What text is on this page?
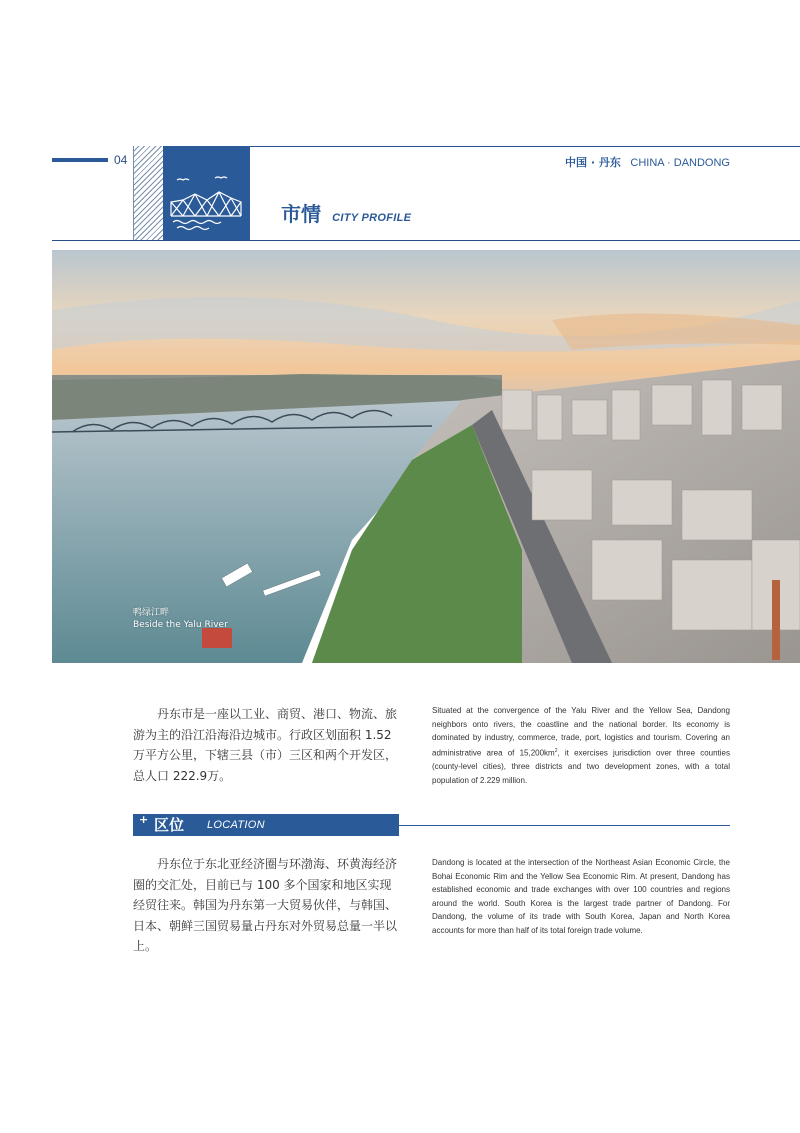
04	中国 · 丹东 CHINA · DANDONG
市情 CITY PROFILE
鸭绿江畔
Beside the Yalu River
丹东市是一座以工业、商贸、港口、物流、旅游为主的沿江沿海沿边城市。行政区划面积 1.52 万平方公里，下辖三县（市）三区和两个开发区，总人口 222.9万。
Situated at the convergence of the Yalu River and the Yellow Sea, Dandong neighbors onto rivers, the coastline and the national border. Its economy is dominated by industry, commerce, trade, port, logistics and tourism. Covering an administrative area of $15,200km^2$, it exercises jurisdiction over three counties (county-level cities), three districts and two development zones, with a total population of 2.229 million.
+ 区位 LOCATION
丹东位于东北亚经济圈与环渤海、环黄海经济圈的交汇处，目前已与 100 多个国家和地区实现经贸往来。韩国为丹东第一大贸易伙伴，与韩国、日本、朝鲜三国贸易量占丹东对外贸易总量一半以上。
Dandong is located at the intersection of the Northeast Asian Economic Circle, the Bohai Economic Rim and the Yellow Sea Economic Rim. At present, Dandong has established economic and trade exchanges with over 100 countries and regions around the world. South Korea is the largest trade partner of Dandong. For Dandong, the volume of its trade with South Korea, Japan and North Korea accounts for more than half of its total foreign trade volume.
